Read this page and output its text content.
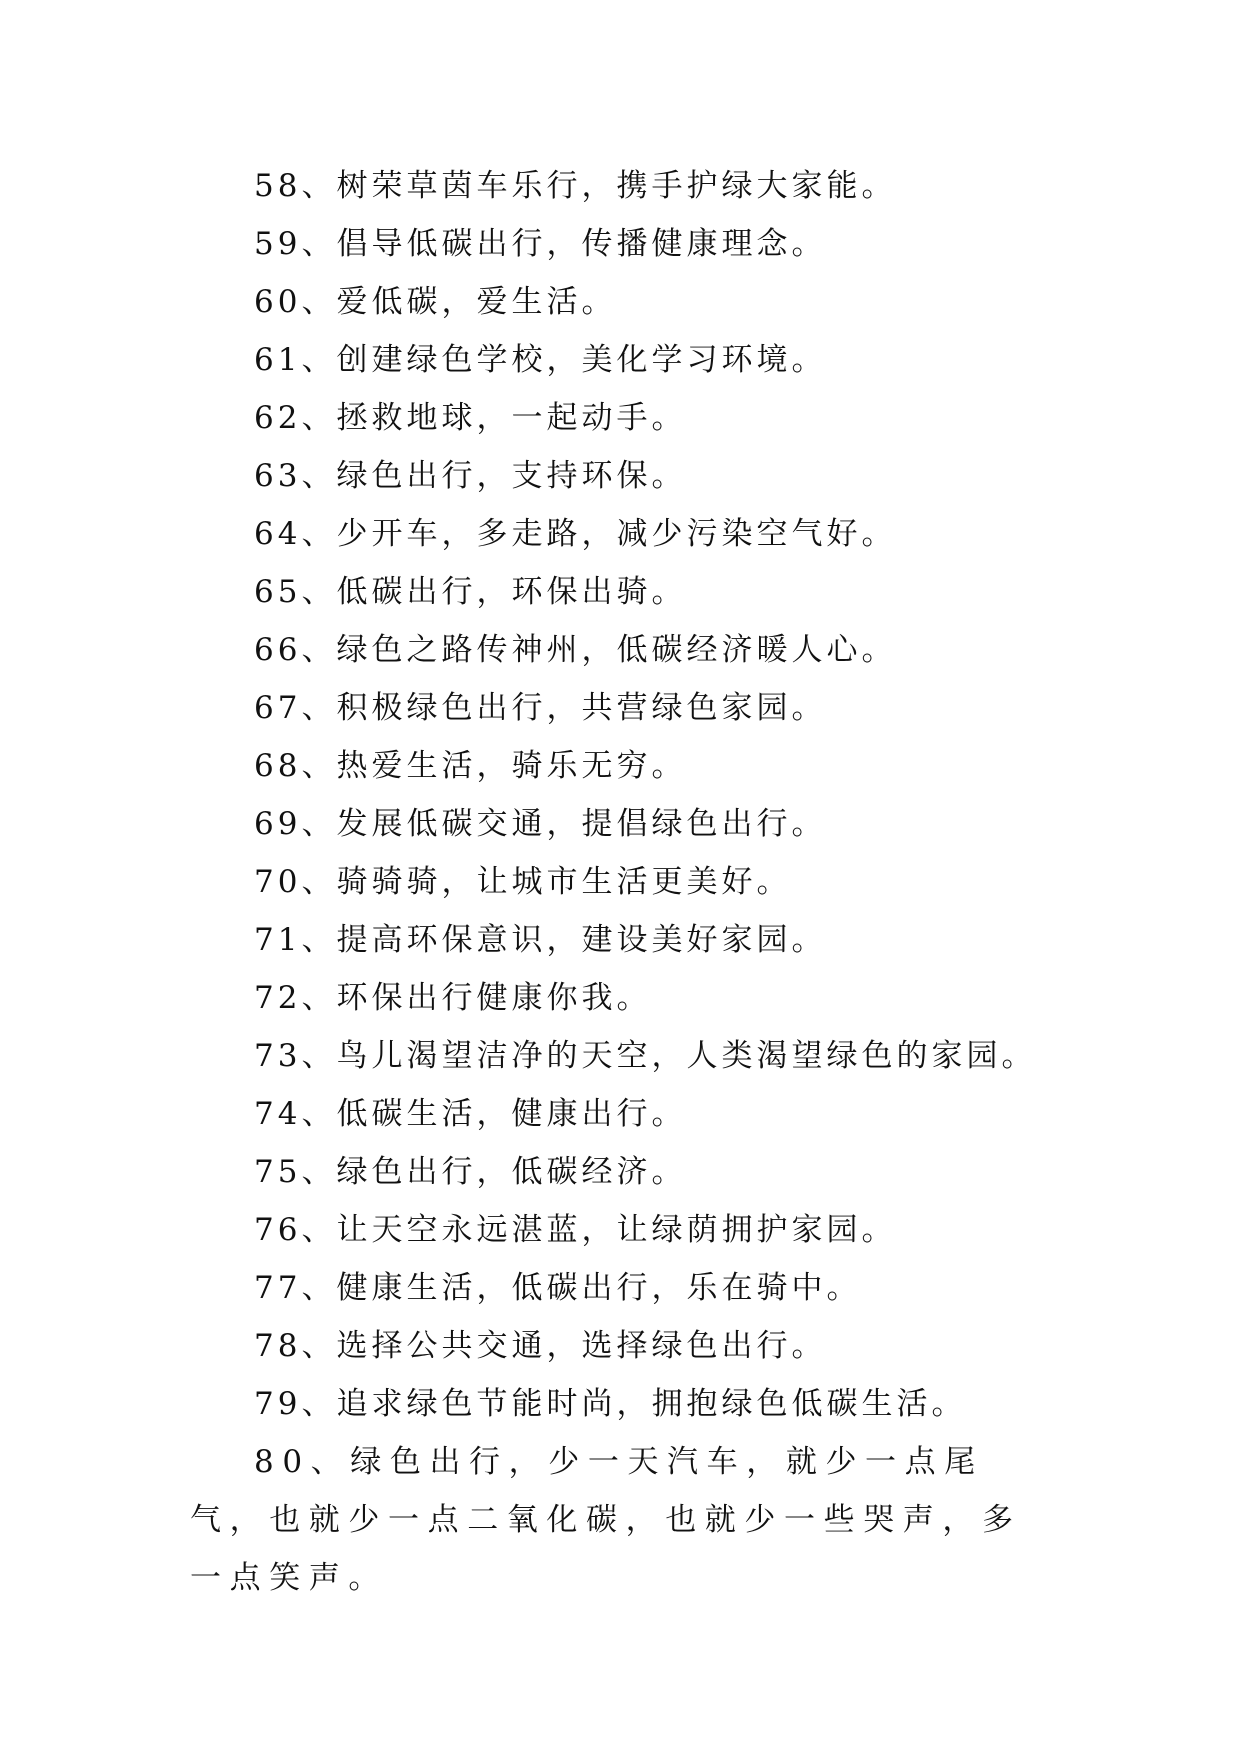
58、树荣草茵车乐行，携手护绿大家能。
59、倡导低碳出行，传播健康理念。
60、爱低碳，爱生活。
61、创建绿色学校，美化学习环境。
62、拯救地球，一起动手。
63、绿色出行，支持环保。
64、少开车，多走路，减少污染空气好。
65、低碳出行，环保出骑。
66、绿色之路传神州，低碳经济暖人心。
67、积极绿色出行，共营绿色家园。
68、热爱生活，骑乐无穷。
69、发展低碳交通，提倡绿色出行。
70、骑骑骑，让城市生活更美好。
71、提高环保意识，建设美好家园。
72、环保出行健康你我。
73、鸟儿渴望洁净的天空，人类渴望绿色的家园。
74、低碳生活，健康出行。
75、绿色出行，低碳经济。
76、让天空永远湛蓝，让绿荫拥护家园。
77、健康生活，低碳出行，乐在骑中。
78、选择公共交通，选择绿色出行。
79、追求绿色节能时尚，拥抱绿色低碳生活。
80、绿色出行，少一天汽车，就少一点尾气，也就少一点二氧化碳，也就少一些哭声，多一点笑声。
